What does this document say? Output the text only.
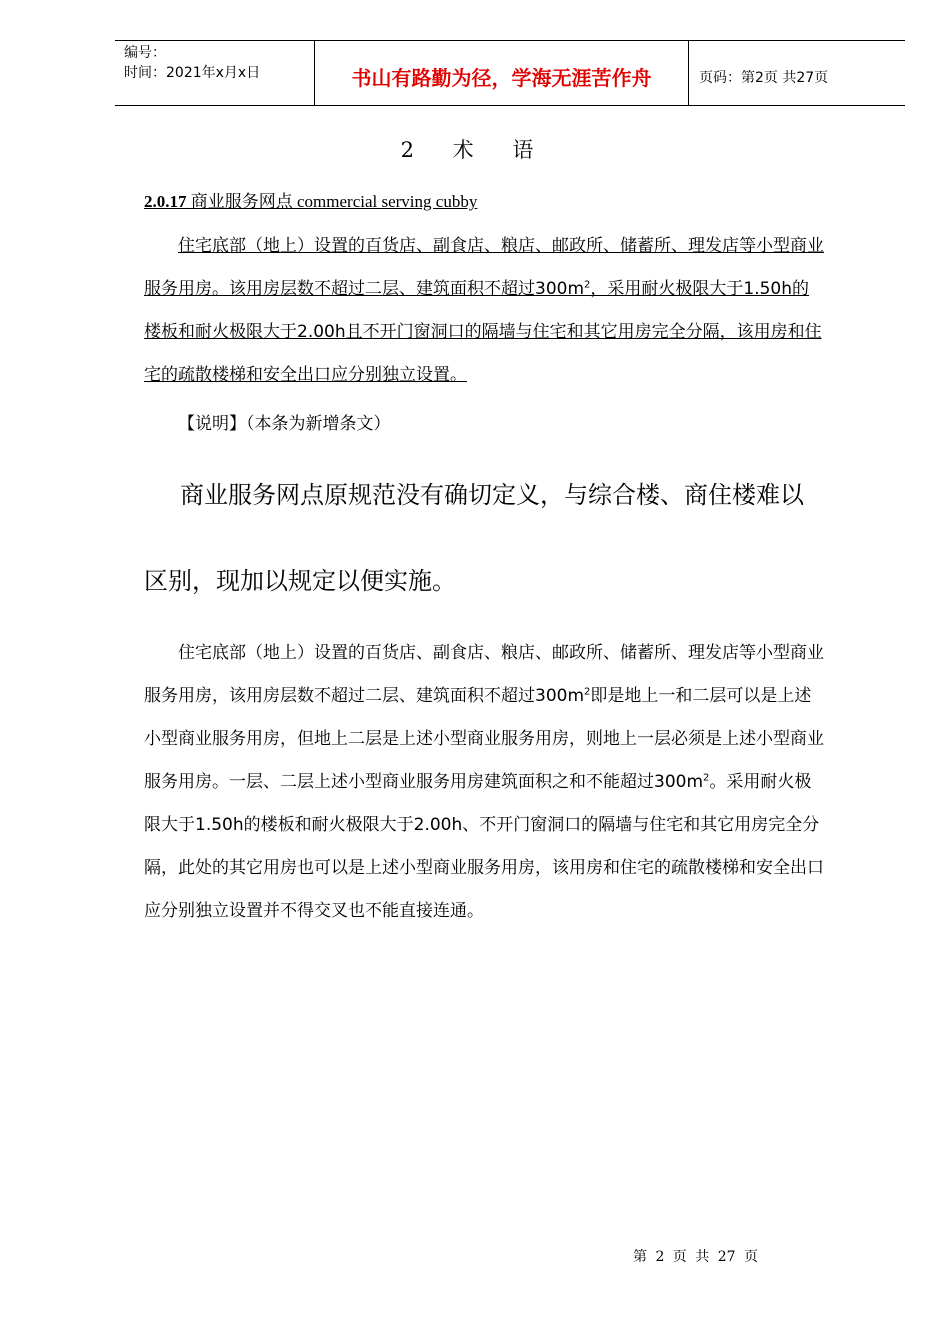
编号：
时间：2021年x月x日	书山有路勤为径，学海无涯苦作舟	页码：第2页 共27页
2 术 语
2.0.17 商业服务网点 commercial serving cubby

住宅底部（地上）设置的百货店、副食店、粮店、邮政所、储蓄所、理发店等小型商业服务用房。该用房层数不超过二层、建筑面积不超过$300m^2$，采用耐火极限大于1.50h的楼板和耐火极限大于2.00h且不开门窗洞口的隔墙与住宅和其它用房完全分隔，该用房和住宅的疏散楼梯和安全出口应分别独立设置。

【说明】（本条为新增条文）

商业服务网点原规范没有确切定义，与综合楼、商住楼难以区别，现加以规定以便实施。

住宅底部（地上）设置的百货店、副食店、粮店、邮政所、储蓄所、理发店等小型商业服务用房，该用房层数不超过二层、建筑面积不超过$300m^2$即是地上一和二层可以是上述小型商业服务用房，但地上二层是上述小型商业服务用房，则地上一层必须是上述小型商业服务用房。一层、二层上述小型商业服务用房建筑面积之和不能超过$300m^2$。采用耐火极限大于1.50h的楼板和耐火极限大于2.00h、不开门窗洞口的隔墙与住宅和其它用房完全分隔，此处的其它用房也可以是上述小型商业服务用房，该用房和住宅的疏散楼梯和安全出口应分别独立设置并不得交叉也不能直接连通。

第 2 页 共 27 页
